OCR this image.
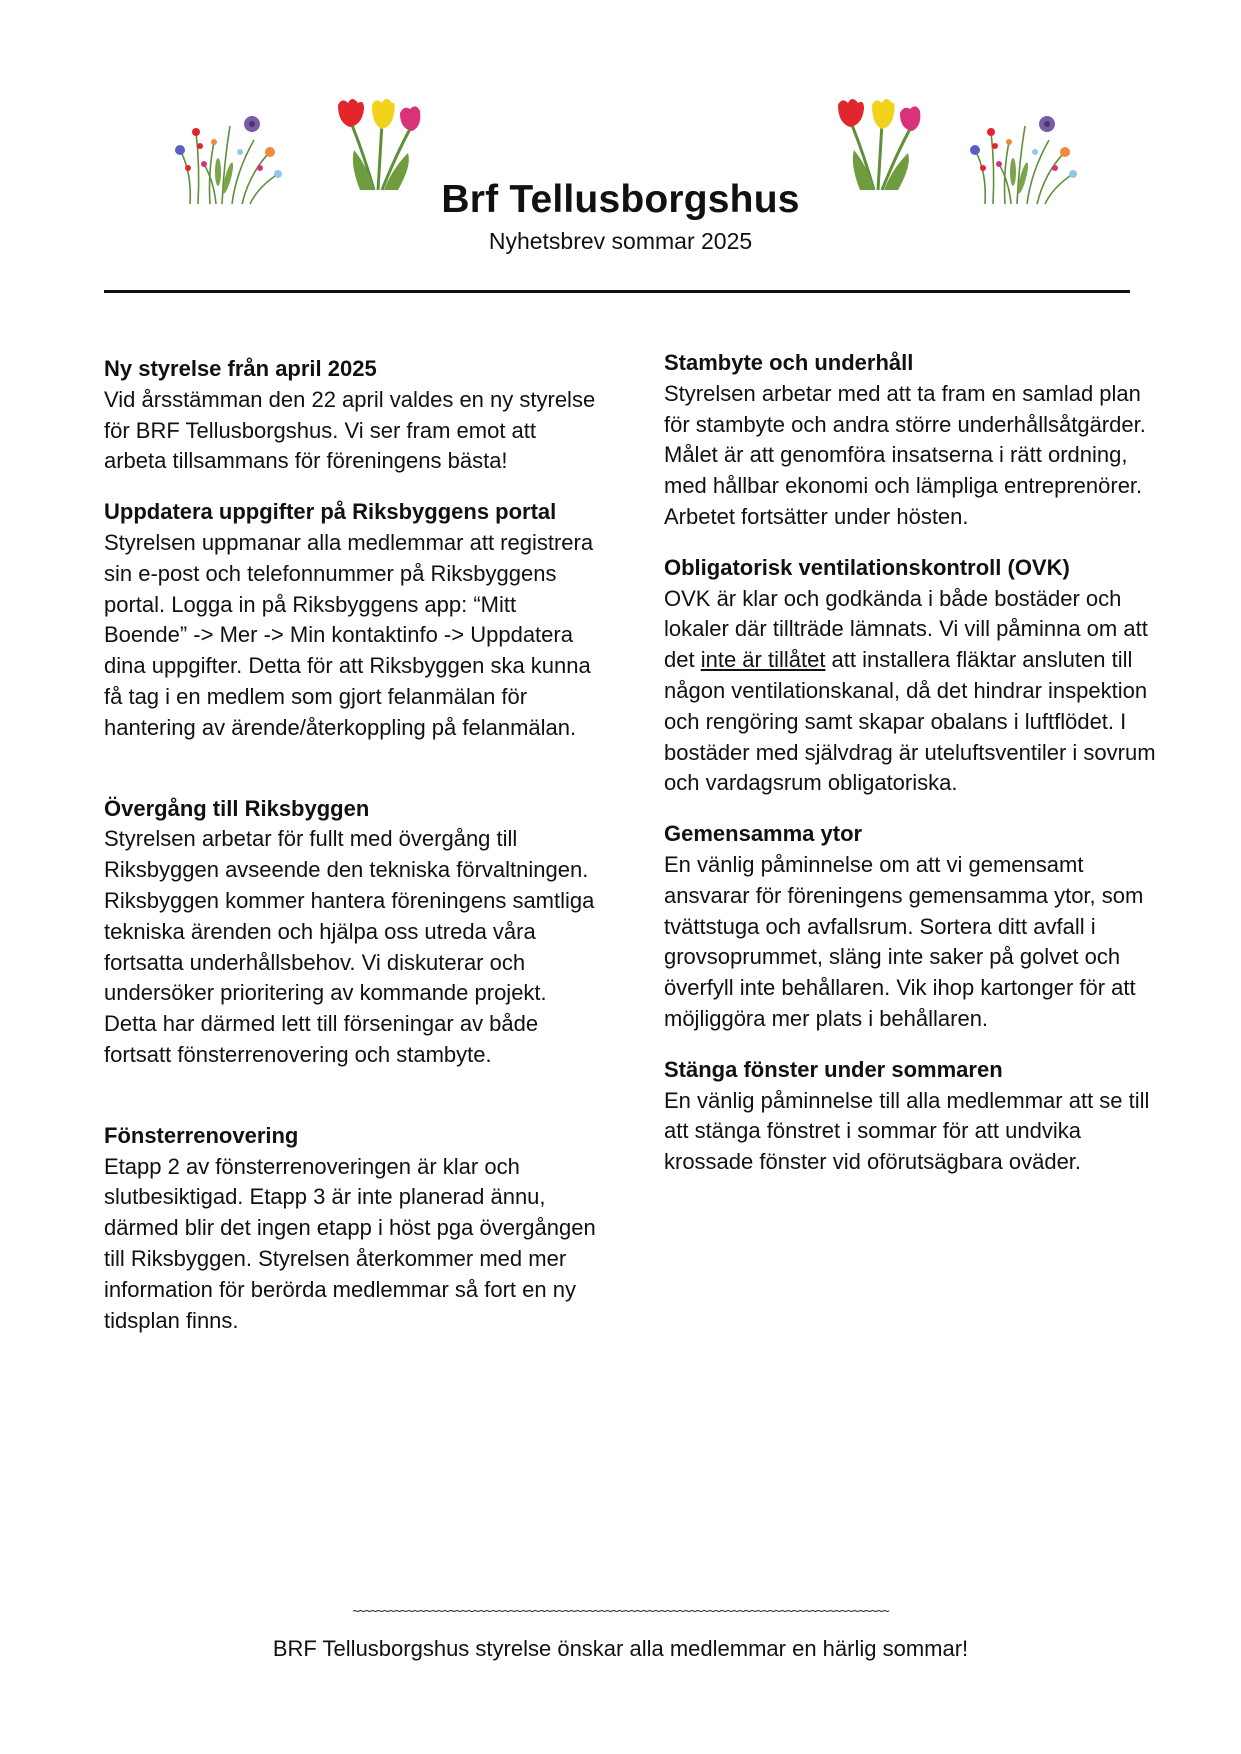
Brf Tellusborgshus
Nyhetsbrev sommar 2025
Ny styrelse från april 2025

Vid årsstämman den 22 april valdes en ny styrelse för BRF Tellusborgshus. Vi ser fram emot att arbeta tillsammans för föreningens bästa!

Uppdatera uppgifter på Riksbyggens portal

Styrelsen uppmanar alla medlemmar att registrera sin e-post och telefonnummer på Riksbyggens portal. Logga in på Riksbyggens app: “Mitt Boende” -> Mer -> Min kontaktinfo -> Uppdatera dina uppgifter. Detta för att Riksbyggen ska kunna få tag i en medlem som gjort felanmälan för hantering av ärende/återkoppling på felanmälan.

Övergång till Riksbyggen

Styrelsen arbetar för fullt med övergång till Riksbyggen avseende den tekniska förvaltningen. Riksbyggen kommer hantera föreningens samtliga tekniska ärenden och hjälpa oss utreda våra fortsatta underhållsbehov. Vi diskuterar och undersöker prioritering av kommande projekt. Detta har därmed lett till förseningar av både fortsatt fönsterrenovering och stambyte.

Fönsterrenovering

Etapp 2 av fönsterrenoveringen är klar och slutbesiktigad. Etapp 3 är inte planerad ännu, därmed blir det ingen etapp i höst pga övergången till Riksbyggen. Styrelsen återkommer med mer information för berörda medlemmar så fort en ny tidsplan finns.

Stambyte och underhåll

Styrelsen arbetar med att ta fram en samlad plan för stambyte och andra större underhållsåtgärder. Målet är att genomföra insatserna i rätt ordning, med hållbar ekonomi och lämpliga entreprenörer. Arbetet fortsätter under hösten.

Obligatorisk ventilationskontroll (OVK)

OVK är klar och godkända i både bostäder och lokaler där tillträde lämnats. Vi vill påminna om att det inte är tillåtet att installera fläktar ansluten till någon ventilationskanal, då det hindrar inspektion och rengöring samt skapar obalans i luftflödet. I bostäder med självdrag är uteluftsventiler i sovrum och vardagsrum obligatoriska.

Gemensamma ytor

En vänlig påminnelse om att vi gemensamt ansvarar för föreningens gemensamma ytor, som tvättstuga och avfallsrum. Sortera ditt avfall i grovsoprummet, släng inte saker på golvet och överfyll inte behållaren. Vik ihop kartonger för att möjliggöra mer plats i behållaren.

Stänga fönster under sommaren

En vänlig påminnelse till alla medlemmar att se till att stänga fönstret i sommar för att undvika krossade fönster vid oförutsägbara oväder.

~~~~~~~~~~~~~~~~~~~~~~~~~~~~~~~~~~~~~~~~~~~~~~~~~~~~~~~~~~~~~~~~~~~~~~~~~~~~~~~~~~~~~~~~~
BRF Tellusborgshus styrelse önskar alla medlemmar en härlig sommar!
